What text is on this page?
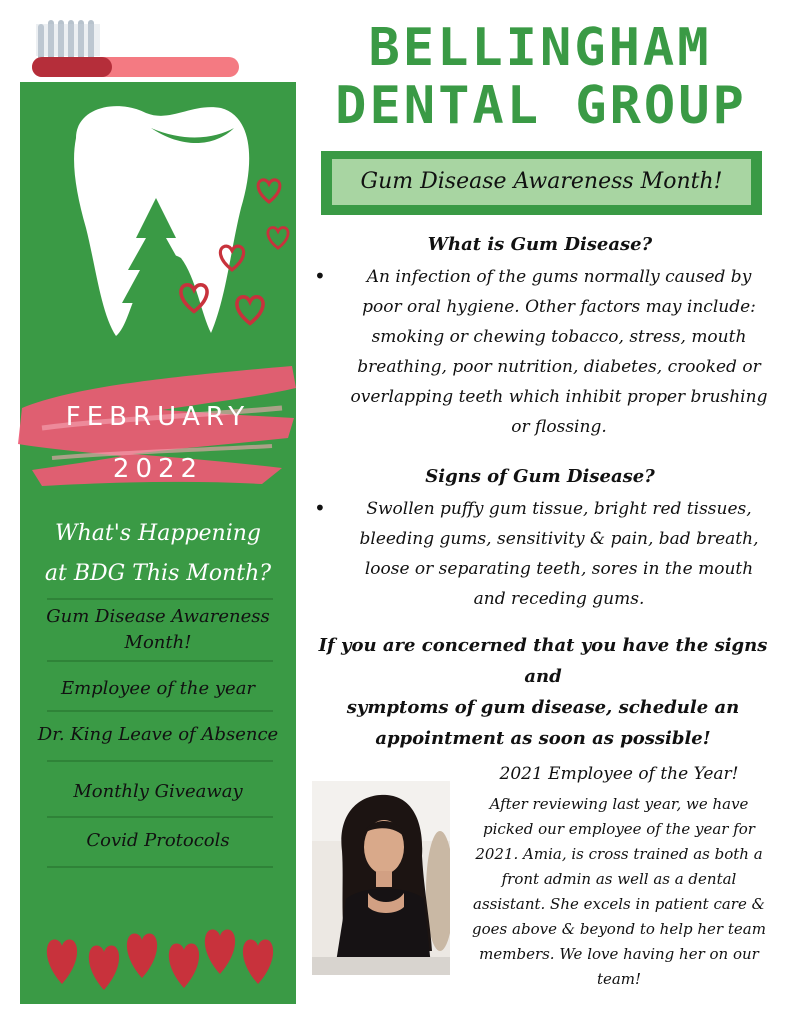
FEBRUARY
2022
What's Happening
at BDG This Month?
Gum Disease Awareness
Month!
Employee of the year
Dr. King Leave of Absence
Monthly Giveaway
Covid Protocols
BELLINGHAM
DENTAL GROUP
Gum Disease Awareness Month!
What is Gum Disease?
•	An infection of the gums normally caused by
poor oral hygiene. Other factors may include:
smoking or chewing tobacco, stress, mouth
breathing, poor nutrition, diabetes, crooked or
overlapping teeth which inhibit proper brushing
or flossing.
Signs of Gum Disease?
•	Swollen puffy gum tissue, bright red tissues,
bleeding gums, sensitivity & pain, bad breath,
loose or separating teeth, sores in the mouth
and receding gums.
If you are concerned that you have the signs and
symptoms of gum disease, schedule an
appointment as soon as possible!
2021 Employee of the Year!
After reviewing last year, we have
picked our employee of the year for
2021. Amia, is cross trained as both a
front admin as well as a dental
assistant. She excels in patient care &
goes above & beyond to help her team
members. We love having her on our
team!
